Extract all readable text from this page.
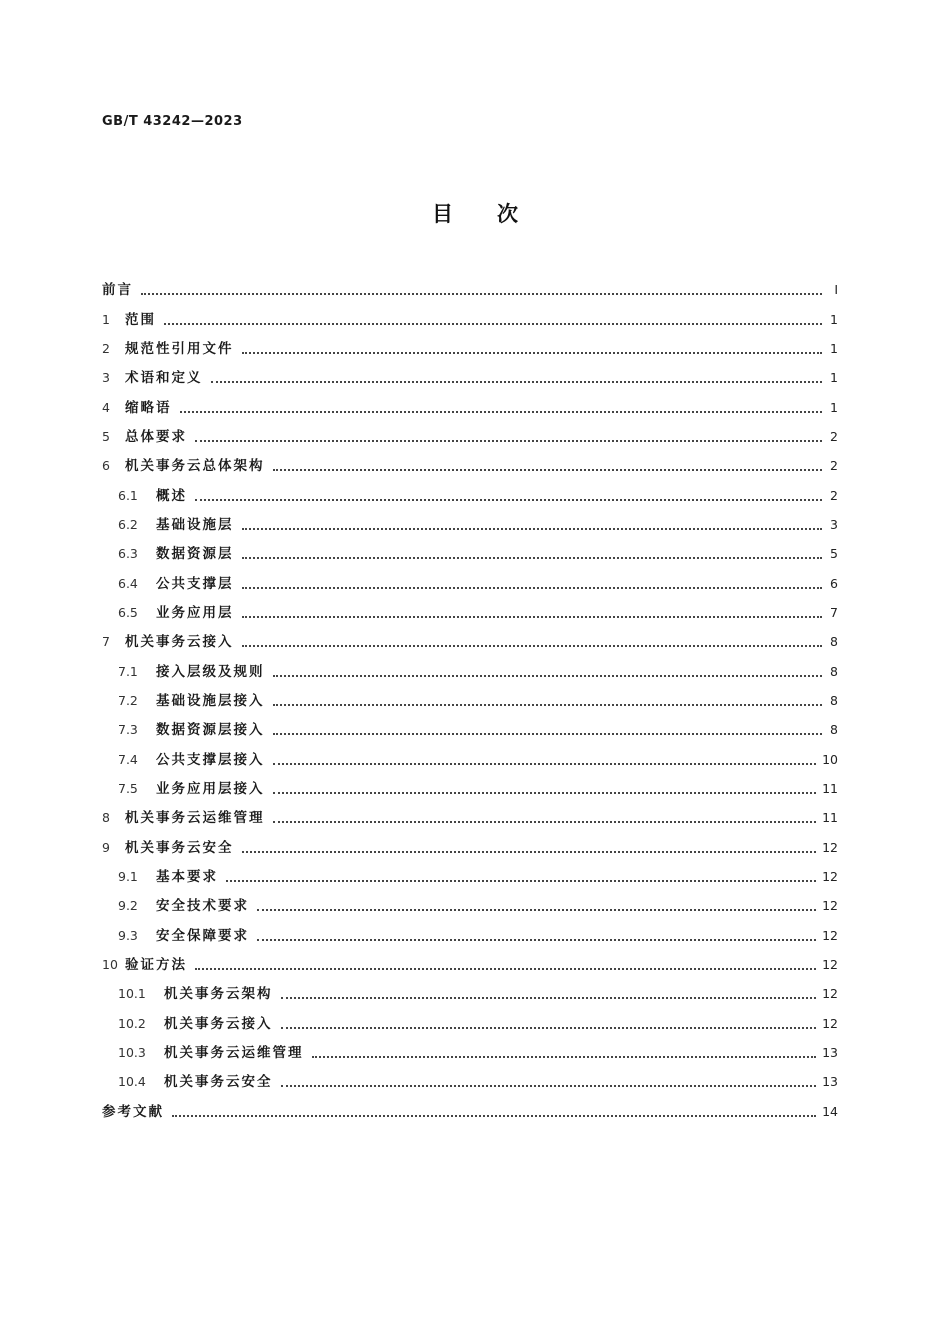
GB/T 43242—2023
目次
前言	I
1	范围	1
2	规范性引用文件	1
3	术语和定义	1
4	缩略语	1
5	总体要求	2
6	机关事务云总体架构	2
6.1	概述	2
6.2	基础设施层	3
6.3	数据资源层	5
6.4	公共支撑层	6
6.5	业务应用层	7
7	机关事务云接入	8
7.1	接入层级及规则	8
7.2	基础设施层接入	8
7.3	数据资源层接入	8
7.4	公共支撑层接入	10
7.5	业务应用层接入	11
8	机关事务云运维管理	11
9	机关事务云安全	12
9.1	基本要求	12
9.2	安全技术要求	12
9.3	安全保障要求	12
10 验证方法	12
10.1	机关事务云架构	12
10.2	机关事务云接入	12
10.3	机关事务云运维管理	13
10.4	机关事务云安全	13
参考文献	14
